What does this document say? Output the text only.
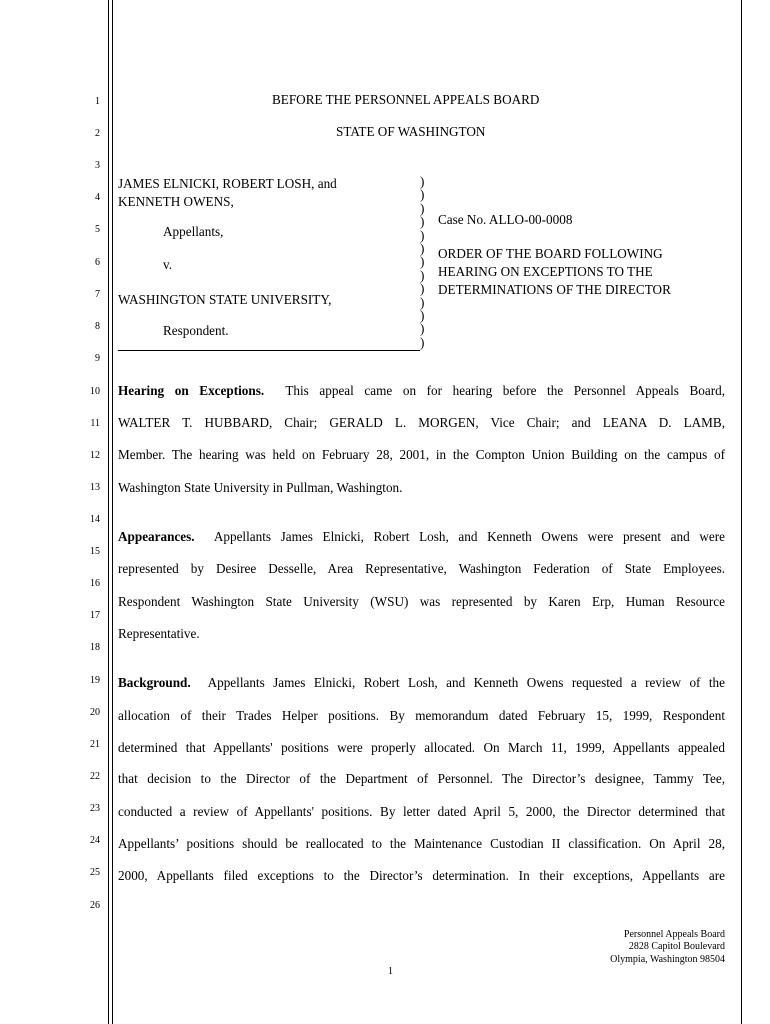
1
2
3
4
5
6
7
8
9
10
11
12
13
14
15
16
17
18
19
20
21
22
23
24
25
26
BEFORE THE PERSONNEL APPEALS BOARD
STATE OF WASHINGTON
JAMES ELNICKI, ROBERT LOSH, and
KENNETH OWENS,
Appellants,
v.
WASHINGTON STATE UNIVERSITY,
Respondent.
)
)
)
)
)
)
)
)
)
)
)
)
)
Case No. ALLO-00-0008
ORDER OF THE BOARD FOLLOWING
HEARING ON EXCEPTIONS TO THE
DETERMINATIONS OF THE DIRECTOR
Hearing on Exceptions. This appeal came on for hearing before the Personnel Appeals Board,
WALTER T. HUBBARD, Chair; GERALD L. MORGEN, Vice Chair; and LEANA D. LAMB,
Member. The hearing was held on February 28, 2001, in the Compton Union Building on the campus of
Washington State University in Pullman, Washington.
Appearances. Appellants James Elnicki, Robert Losh, and Kenneth Owens were present and were
represented by Desiree Desselle, Area Representative, Washington Federation of State Employees.
Respondent Washington State University (WSU) was represented by Karen Erp, Human Resource
Representative.
Background. Appellants James Elnicki, Robert Losh, and Kenneth Owens requested a review of the
allocation of their Trades Helper positions. By memorandum dated February 15, 1999, Respondent
determined that Appellants' positions were properly allocated. On March 11, 1999, Appellants appealed
that decision to the Director of the Department of Personnel. The Director’s designee, Tammy Tee,
conducted a review of Appellants' positions. By letter dated April 5, 2000, the Director determined that
Appellants’ positions should be reallocated to the Maintenance Custodian II classification. On April 28,
2000, Appellants filed exceptions to the Director’s determination. In their exceptions, Appellants are
Personnel Appeals Board
2828 Capitol Boulevard
Olympia, Washington 98504
1
